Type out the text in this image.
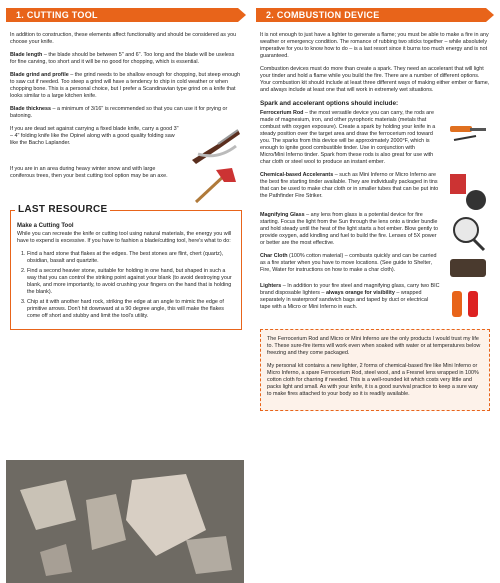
1. CUTTING TOOL

In addition to construction, these elements affect functionality and should be considered as you choose your knife.

Blade length – the blade should be between 5" and 6". Too long and the blade will be useless for fine carving, too short and it will be no good for chopping, which is essential.

Blade grind and profile – the grind needs to be shallow enough for chopping, but steep enough to saw cut if needed. Too steep a grind will have a tendency to chip in cold weather or when chopping bone. This is a personal choice, but I prefer a Scandinavian type grind on a knife that looks similar to a large kitchen knife.

Blade thickness – a minimum of 3/16" is recommended so that you can use it for prying or batoning.

If you are dead set against carrying a fixed blade knife, carry a good 3" – 4" folding knife like the Opinel along with a good quality folding saw like the Bacho Laplander.

If you are in an area during heavy winter snow and with large coniferous trees, then your best cutting tool option may be an axe.

LAST RESOURCE
Make a Cutting Tool

While you can recreate the knife or cutting tool using natural materials, the energy you will have to expend is excessive. If you have to fashion a blade/cutting tool, here's what to do:

1. Find a hard stone that flakes at the edges. The best stones are flint, chert (quartz), obsidian, basalt and quartzite.
2. Find a second heavier stone, suitable for holding in one hand, but shaped in such a way that you can control the striking point against your blank (to avoid destroying your blank, and more importantly, to avoid crushing your fingers on the hand that is holding the blank).
3. Chip at it with another hard rock, striking the edge at an angle to mimic the edge of primitive arrows. Don't hit downward at a 90 degree angle, this will make the flakes come off short and stubby and limit the tool's utility.
2. COMBUSTION DEVICE

It is not enough to just have a lighter to generate a flame; you must be able to make a fire in any weather or emergency condition. The romance of rubbing two sticks together – while absolutely imperative for you to know how to do – is a last resort since it burns too much energy and is not guaranteed.

Combustion devices must do more than create a spark. They need an accelerant that will light your tinder and hold a flame while you build the fire. There are a number of different options. Your combustion kit should include at least three different ways of making either ember or flame, and always include at least one that will work in extremely wet situations.

Spark and accelerant options should include:

Ferrocerium Rod – the most versatile device you can carry, the rods are made of magnesium, iron, and other pyrophoric materials (metals that combust with oxygen exposure). Create a spark by holding your knife in a steady position over the target area and draw the ferrocerium rod toward you. The sparks from this device will be approximately 2000°F, which is enough to ignite good combustible tinder. Use in conjunction with Micro/Mini Inferno tinder. Spark from these rods is also great for use with char cloth or steel wool to produce an instant ember.

Chemical-based Accelerants – such as Mini Inferno or Micro Inferno are the best fire starting tinder available. They are individually packaged in tins that can be used to make char cloth or in smaller tubes that can be put into the Pathfinder Fire Striker.

Magnifying Glass – any lens from glass is a potential device for fire starting. Focus the light from the Sun through the lens onto a tinder bundle and hold steady until the heat of the light starts a hot ember. Blow gently to provide oxygen, add kindling and fuel to build the fire. Lenses of 5X power or better are the most effective.

Char Cloth (100% cotton material) – combusts quickly and can be carried as a fire starter when you have to move locations. (See guide to Shelter, Fire, Water for instructions on how to make a char cloth).

Lighters – In addition to your fire steel and magnifying glass, carry two BIC brand disposable lighters – always orange for visibility – wrapped separately in waterproof sandwich bags and taped by duct or electrical tape with a Micro or Mini Inferno in each.

The Ferrocerium Rod and Micro or Mini Inferno are the only products I would trust my life to. These sure-fire items will work even when soaked with water or at temperatures below freezing and they come packaged.

My personal kit contains a new lighter, 2 forms of chemical-based fire like Mini Inferno or Micro Inferno, a spare Ferrocerium Rod, steel wool, and a Fresnel lens wrapped in 100% cotton cloth for charring if needed. This is a well-rounded kit which costs very little and packs light and small. As with your knife, it is a good survival practice to keep a sure way to make fires attached to your body so it is readily available.
